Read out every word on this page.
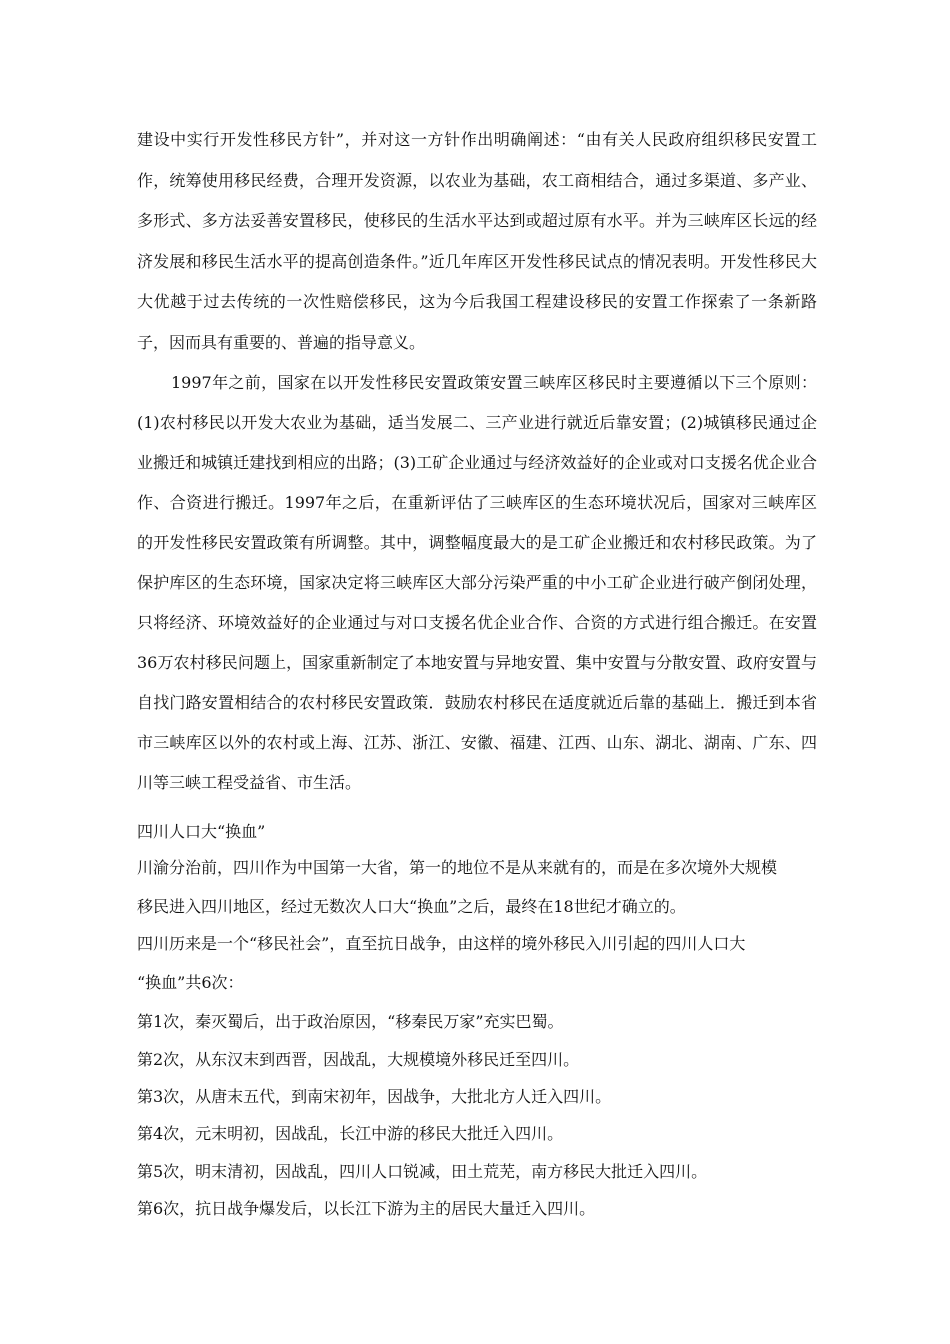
建设中实行开发性移民方针”，并对这一方针作出明确阐述：“由有关人民政府组织移民安置工作，统筹使用移民经费，合理开发资源，以农业为基础，农工商相结合，通过多渠道、多产业、多形式、多方法妥善安置移民，使移民的生活水平达到或超过原有水平。并为三峡库区长远的经济发展和移民生活水平的提高创造条件。”近几年库区开发性移民试点的情况表明。开发性移民大大优越于过去传统的一次性赔偿移民，这为今后我国工程建设移民的安置工作探索了一条新路子，因而具有重要的、普遍的指导意义。

1997年之前，国家在以开发性移民安置政策安置三峡库区移民时主要遵循以下三个原则：(1)农村移民以开发大农业为基础，适当发展二、三产业进行就近后靠安置；(2)城镇移民通过企业搬迁和城镇迁建找到相应的出路；(3)工矿企业通过与经济效益好的企业或对口支援名优企业合作、合资进行搬迁。1997年之后，在重新评估了三峡库区的生态环境状况后，国家对三峡库区的开发性移民安置政策有所调整。其中，调整幅度最大的是工矿企业搬迁和农村移民政策。为了保护库区的生态环境，国家决定将三峡库区大部分污染严重的中小工矿企业进行破产倒闭处理，只将经济、环境效益好的企业通过与对口支援名优企业合作、合资的方式进行组合搬迁。在安置36万农村移民问题上，国家重新制定了本地安置与异地安置、集中安置与分散安置、政府安置与自找门路安置相结合的农村移民安置政策．鼓励农村移民在适度就近后靠的基础上．搬迁到本省市三峡库区以外的农村或上海、江苏、浙江、安徽、福建、江西、山东、湖北、湖南、广东、四川等三峡工程受益省、市生活。

四川人口大“换血”
川渝分治前，四川作为中国第一大省，第一的地位不是从来就有的，而是在多次境外大规模
移民进入四川地区，经过无数次人口大“换血”之后，最终在18世纪才确立的。
四川历来是一个“移民社会”，直至抗日战争，由这样的境外移民入川引起的四川人口大
“换血”共6次：
第1次，秦灭蜀后，出于政治原因，“移秦民万家”充实巴蜀。
第2次，从东汉末到西晋，因战乱，大规模境外移民迁至四川。
第3次，从唐末五代，到南宋初年，因战争，大批北方人迁入四川。
第4次，元末明初，因战乱，长江中游的移民大批迁入四川。
第5次，明末清初，因战乱，四川人口锐减，田土荒芜，南方移民大批迁入四川。
第6次，抗日战争爆发后，以长江下游为主的居民大量迁入四川。
